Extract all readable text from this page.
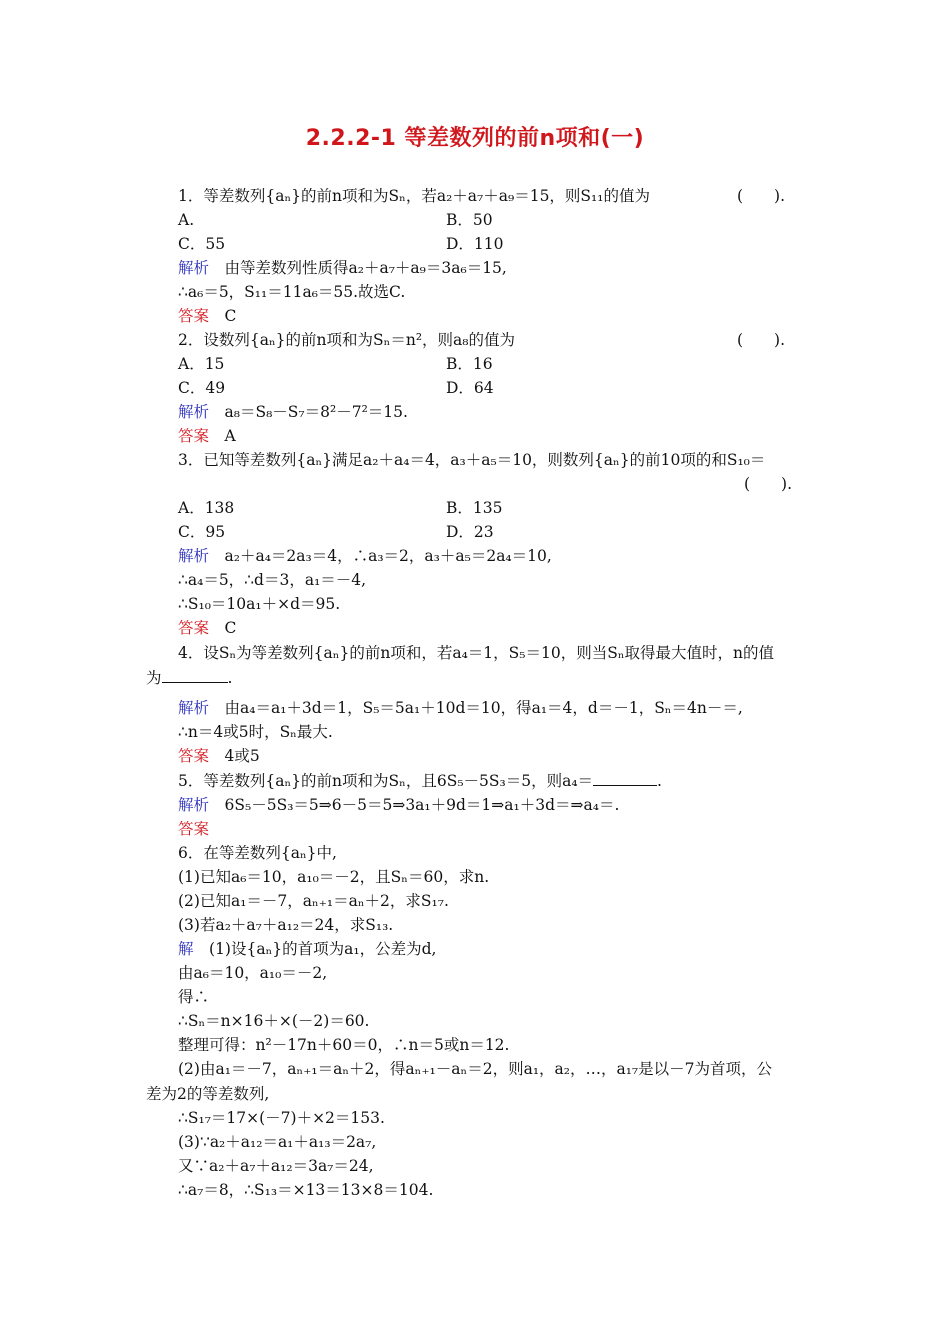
2.2.2-1 等差数列的前n项和(一)
1．等差数列{aₙ}的前n项和为Sₙ，若a₂＋a₇＋a₉＝15，则S₁₁的值为	(　　).
A.	B．50
C．55	D．110
解析　由等差数列性质得a₂＋a₇＋a₉＝3a₆＝15,
∴a₆＝5，S₁₁＝11a₆＝55.故选C.
答案　C
2．设数列{aₙ}的前n项和为Sₙ＝n²，则a₈的值为	(　　).
A．15	B．16
C．49	D．64
解析　a₈＝S₈－S₇＝8²－7²＝15.
答案　A
3．已知等差数列{aₙ}满足a₂＋a₄＝4，a₃＋a₅＝10，则数列{aₙ}的前10项的和S₁₀＝
(　　).
A．138	B．135
C．95	D．23
解析　a₂＋a₄＝2a₃＝4，∴a₃＝2，a₃＋a₅＝2a₄＝10,
∴a₄＝5，∴d＝3，a₁＝－4,
∴S₁₀＝10a₁＋×d＝95.
答案　C
4．设Sₙ为等差数列{aₙ}的前n项和，若a₄＝1，S₅＝10，则当Sₙ取得最大值时，n的值
为	.
解析　由a₄＝a₁＋3d＝1，S₅＝5a₁＋10d＝10，得a₁＝4，d＝－1，Sₙ＝4n－＝,
∴n＝4或5时，Sₙ最大.
答案　4或5
5．等差数列{aₙ}的前n项和为Sₙ，且6S₅－5S₃＝5，则a₄＝	.
解析　6S₅－5S₃＝5⇒6－5＝5⇒3a₁＋9d＝1⇒a₁＋3d＝⇒a₄＝.
答案
6．在等差数列{aₙ}中,
(1)已知a₆＝10，a₁₀＝－2，且Sₙ＝60，求n.
(2)已知a₁＝－7，aₙ₊₁＝aₙ＋2，求S₁₇.
(3)若a₂＋a₇＋a₁₂＝24，求S₁₃.
解　(1)设{aₙ}的首项为a₁，公差为d,
由a₆＝10，a₁₀＝－2,
得∴
∴Sₙ＝n×16＋×(－2)＝60.
整理可得：n²－17n＋60＝0，∴n＝5或n＝12.
(2)由a₁＝－7，aₙ₊₁＝aₙ＋2，得aₙ₊₁－aₙ＝2，则a₁，a₂，…，a₁₇是以－7为首项，公
差为2的等差数列,
∴S₁₇＝17×(－7)＋×2＝153.
(3)∵a₂＋a₁₂＝a₁＋a₁₃＝2a₇,
又∵a₂＋a₇＋a₁₂＝3a₇＝24,
∴a₇＝8，∴S₁₃＝×13＝13×8＝104.
